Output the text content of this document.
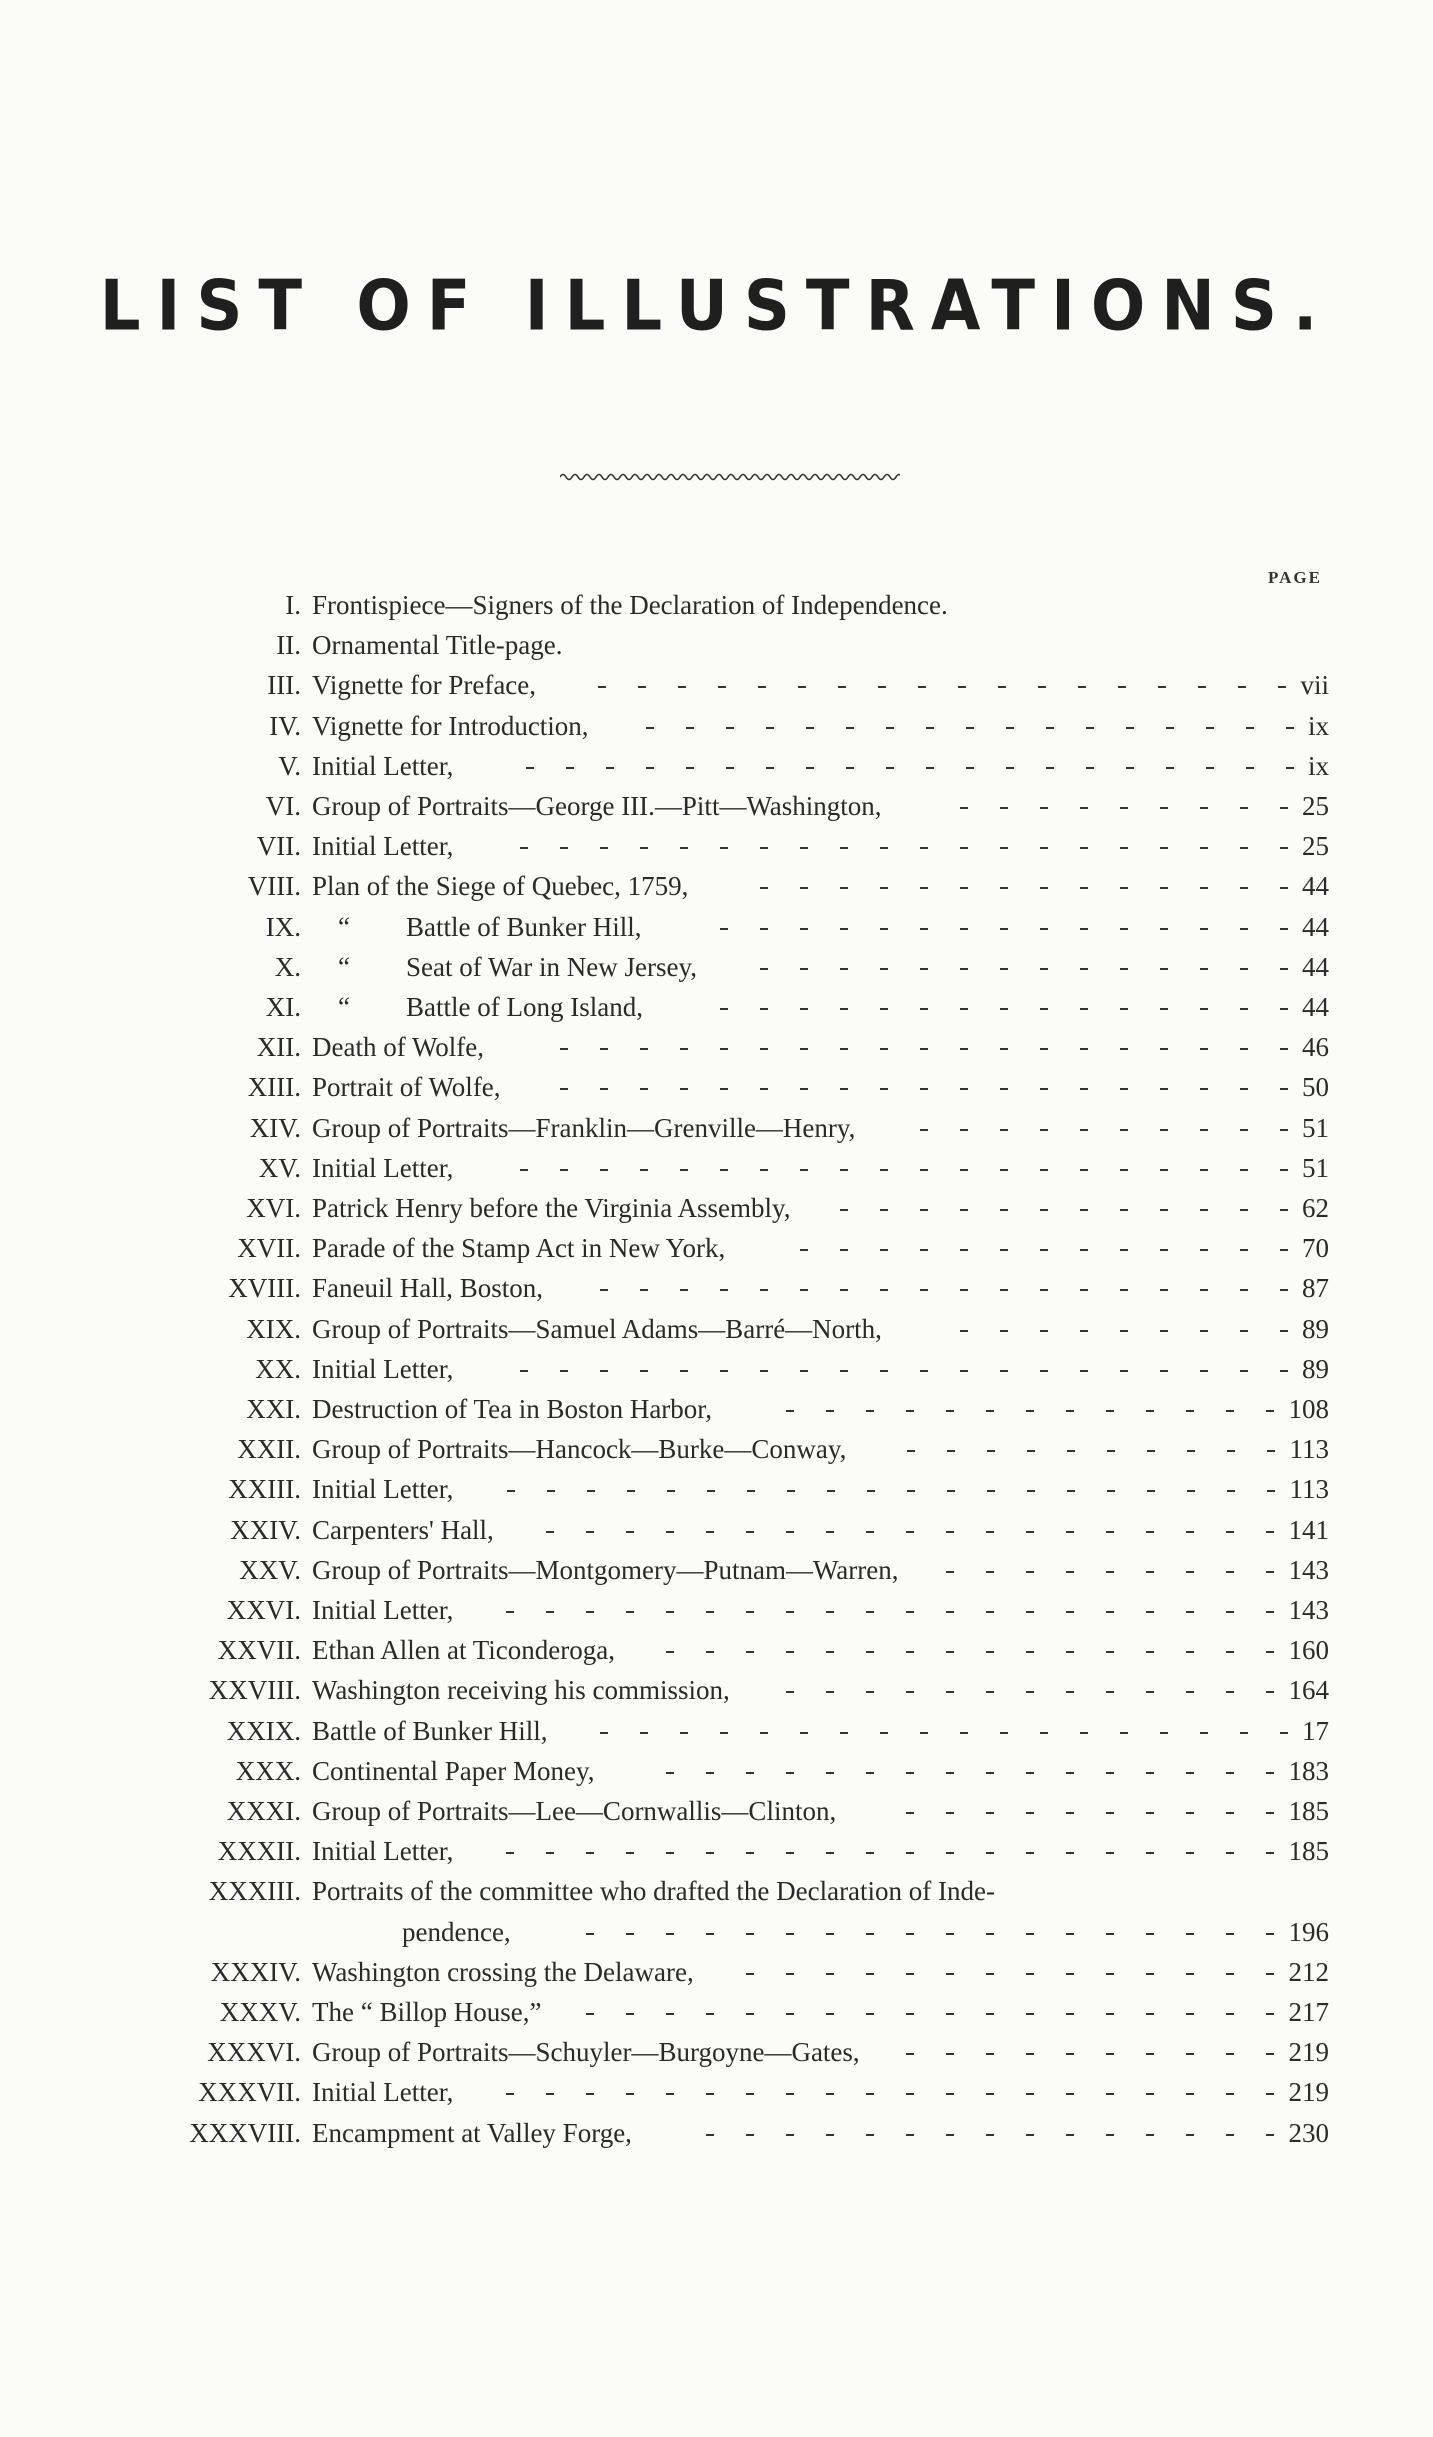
LIST OF ILLUSTRATIONS.
PAGE
I. Frontispiece—Signers of the Declaration of Independence.
II. Ornamental Title-page.
III. Vignette for Preface,	vii
IV. Vignette for Introduction,	ix
V. Initial Letter,	ix
VI. Group of Portraits—George III.—Pitt—Washington,	25
VII. Initial Letter,	25
VIII. Plan of the Siege of Quebec, 1759,	44
IX.	“ Battle of Bunker Hill,	44
X.	“ Seat of War in New Jersey,	44
XI.	“ Battle of Long Island,	44
XII. Death of Wolfe,	46
XIII. Portrait of Wolfe,	50
XIV. Group of Portraits—Franklin—Grenville—Henry,	51
XV. Initial Letter,	51
XVI. Patrick Henry before the Virginia Assembly,	62
XVII. Parade of the Stamp Act in New York,	70
XVIII. Faneuil Hall, Boston,	87
XIX. Group of Portraits—Samuel Adams—Barré—North,	89
XX. Initial Letter,	89
XXI. Destruction of Tea in Boston Harbor,	108
XXII. Group of Portraits—Hancock—Burke—Conway,	113
XXIII. Initial Letter,	113
XXIV. Carpenters' Hall,	141
XXV. Group of Portraits—Montgomery—Putnam—Warren,	143
XXVI. Initial Letter,	143
XXVII. Ethan Allen at Ticonderoga,	160
XXVIII. Washington receiving his commission,	164
XXIX. Battle of Bunker Hill,	17
XXX. Continental Paper Money,	183
XXXI. Group of Portraits—Lee—Cornwallis—Clinton,	185
XXXII. Initial Letter,	185
XXXIII. Portraits of the committee who drafted the Declaration of Inde-
pendence,	196
XXXIV. Washington crossing the Delaware,	212
XXXV. The “ Billop House,”	217
XXXVI. Group of Portraits—Schuyler—Burgoyne—Gates,	219
XXXVII. Initial Letter,	219
XXXVIII. Encampment at Valley Forge,	230
